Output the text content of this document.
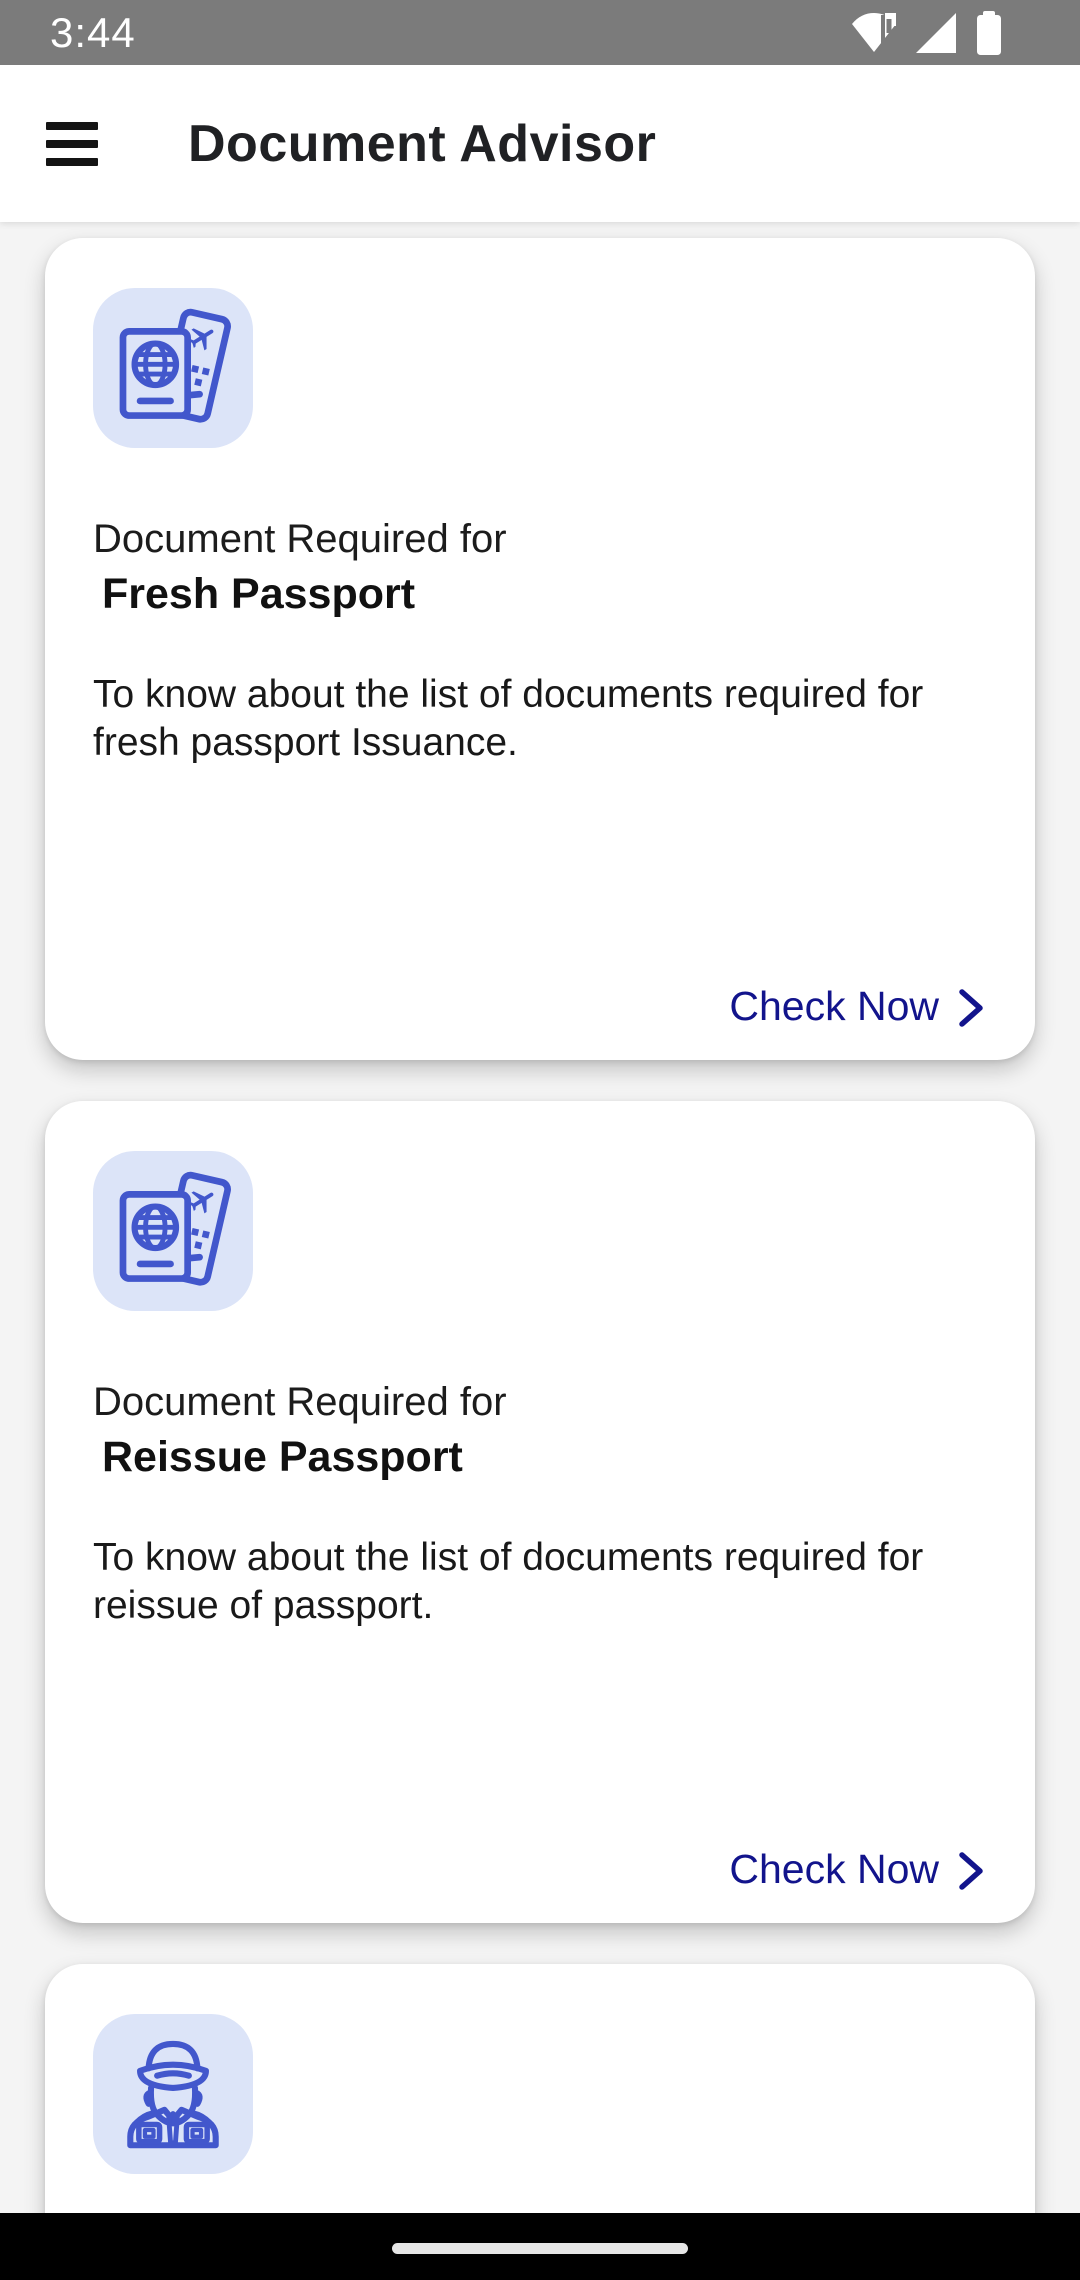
3:44
Document Advisor
Document Required for
Fresh Passport
To know about the list of documents required for fresh passport Issuance.
Check Now
Document Required for
Reissue Passport
To know about the list of documents required for reissue of passport.
Check Now
